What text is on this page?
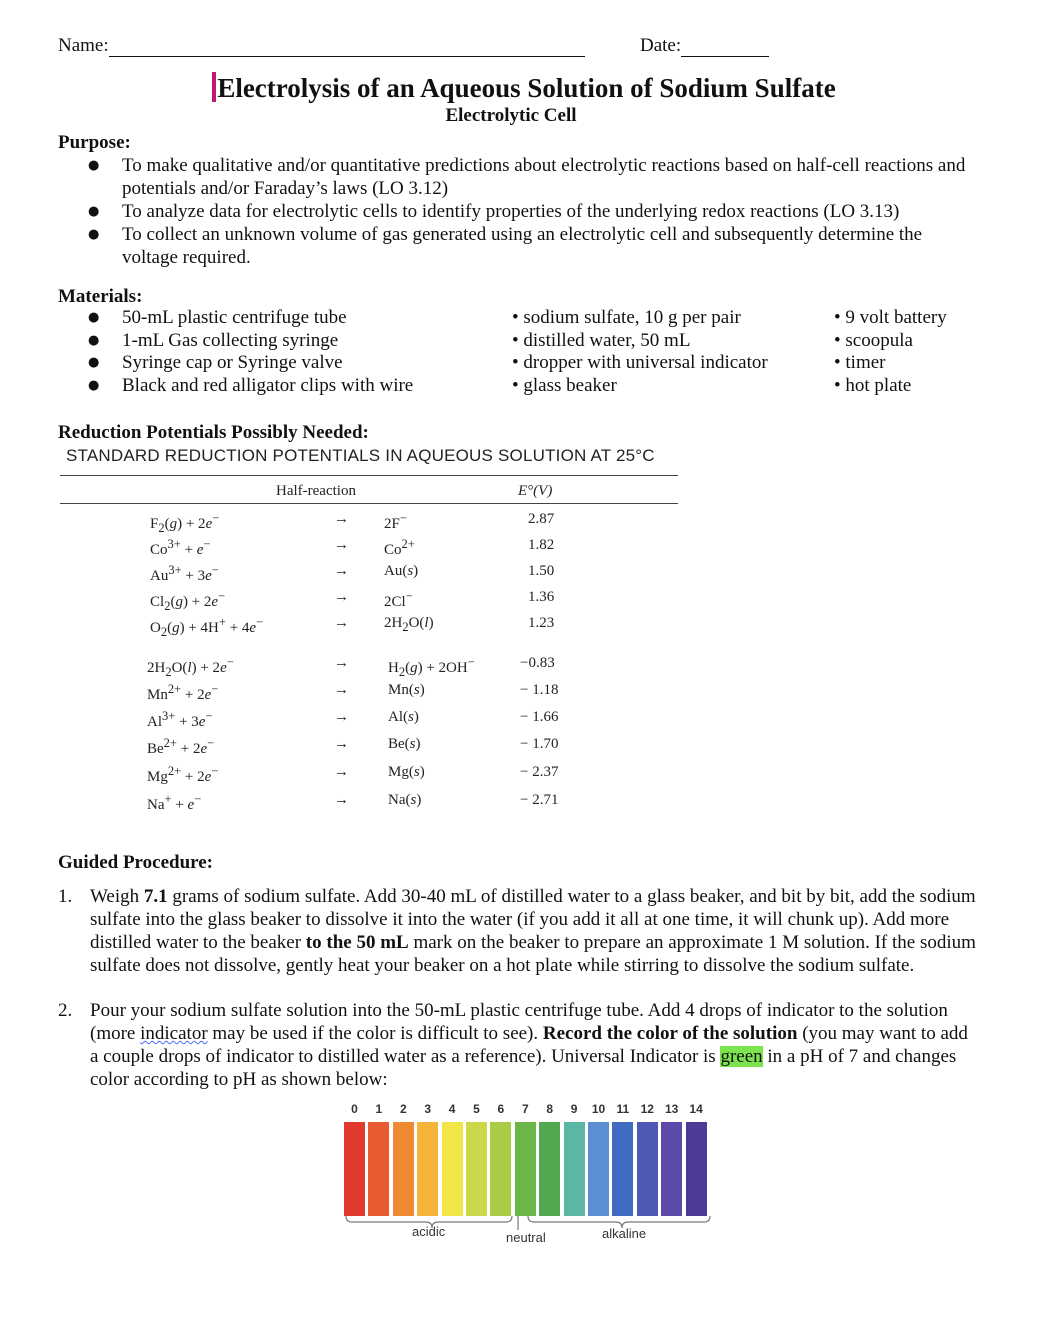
Name:	Date:
Electrolysis of an Aqueous Solution of Sodium Sulfate
Electrolytic Cell
Purpose:
●	To make qualitative and/or quantitative predictions about electrolytic reactions based on half-cell reactions and potentials and/or Faraday’s laws (LO 3.12)
●	To analyze data for electrolytic cells to identify properties of the underlying redox reactions (LO 3.13)
●	To collect an unknown volume of gas generated using an electrolytic cell and subsequently determine the voltage required.
Materials:
●	50-mL plastic centrifuge tube
●	1-mL Gas collecting syringe
●	Syringe cap or Syringe valve
●	Black and red alligator clips with wire
• sodium sulfate, 10 g per pair
• distilled water, 50 mL
• dropper with universal indicator
• glass beaker
• 9 volt battery
• scoopula
• timer
• hot plate
Reduction Potentials Possibly Needed:
STANDARD REDUCTION POTENTIALS IN AQUEOUS SOLUTION AT 25°C
Half-reaction	E°(V)
$F_2(g) + 2e^-$	→ 2F−	2.87
$Co^{3+} + e^-$	→ $Co^{2+}$	1.82
$Au^{3+} + 3e^-$	→ Au(s)	1.50
$Cl_2(g) + 2e^-$	→ 2Cl−	1.36
$O_2(g) + 4H^+ + 4e^-$	→ $2H_2O(l)$	1.23
$2H_2O(l) + 2e^-$	→	$H_2(g) + 2OH^-$	−0.83
$Mn^{2+} + 2e^-$	→	Mn(s)	− 1.18
$Al^{3+} + 3e^-$	→	Al(s)	− 1.66
$Be^{2+} + 2e^-$	→	Be(s)	− 1.70
$Mg^{2+} + 2e^-$	→	Mg(s)	− 2.37
Na+ + e−	→	Na(s)	− 2.71
Guided Procedure:
1. Weigh 7.1 grams of sodium sulfate. Add 30-40 mL of distilled water to a glass beaker, and bit by bit, add the sodium sulfate into the glass beaker to dissolve it into the water (if you add it all at one time, it will chunk up). Add more distilled water to the beaker to the 50 mL mark on the beaker to prepare an approximate 1 M solution. If the sodium sulfate does not dissolve, gently heat your beaker on a hot plate while stirring to dissolve the sodium sulfate.
2. Pour your sodium sulfate solution into the 50-mL plastic centrifuge tube. Add 4 drops of indicator to the solution (more indicator may be used if the color is difficult to see). Record the color of the solution (you may want to add a couple drops of indicator to distilled water as a reference). Universal Indicator is green in a pH of 7 and changes color according to pH as shown below:
acidic	neutral	alkaline
0	1	2	3	4	5	6	7	8	9	10 11 12 13 14
